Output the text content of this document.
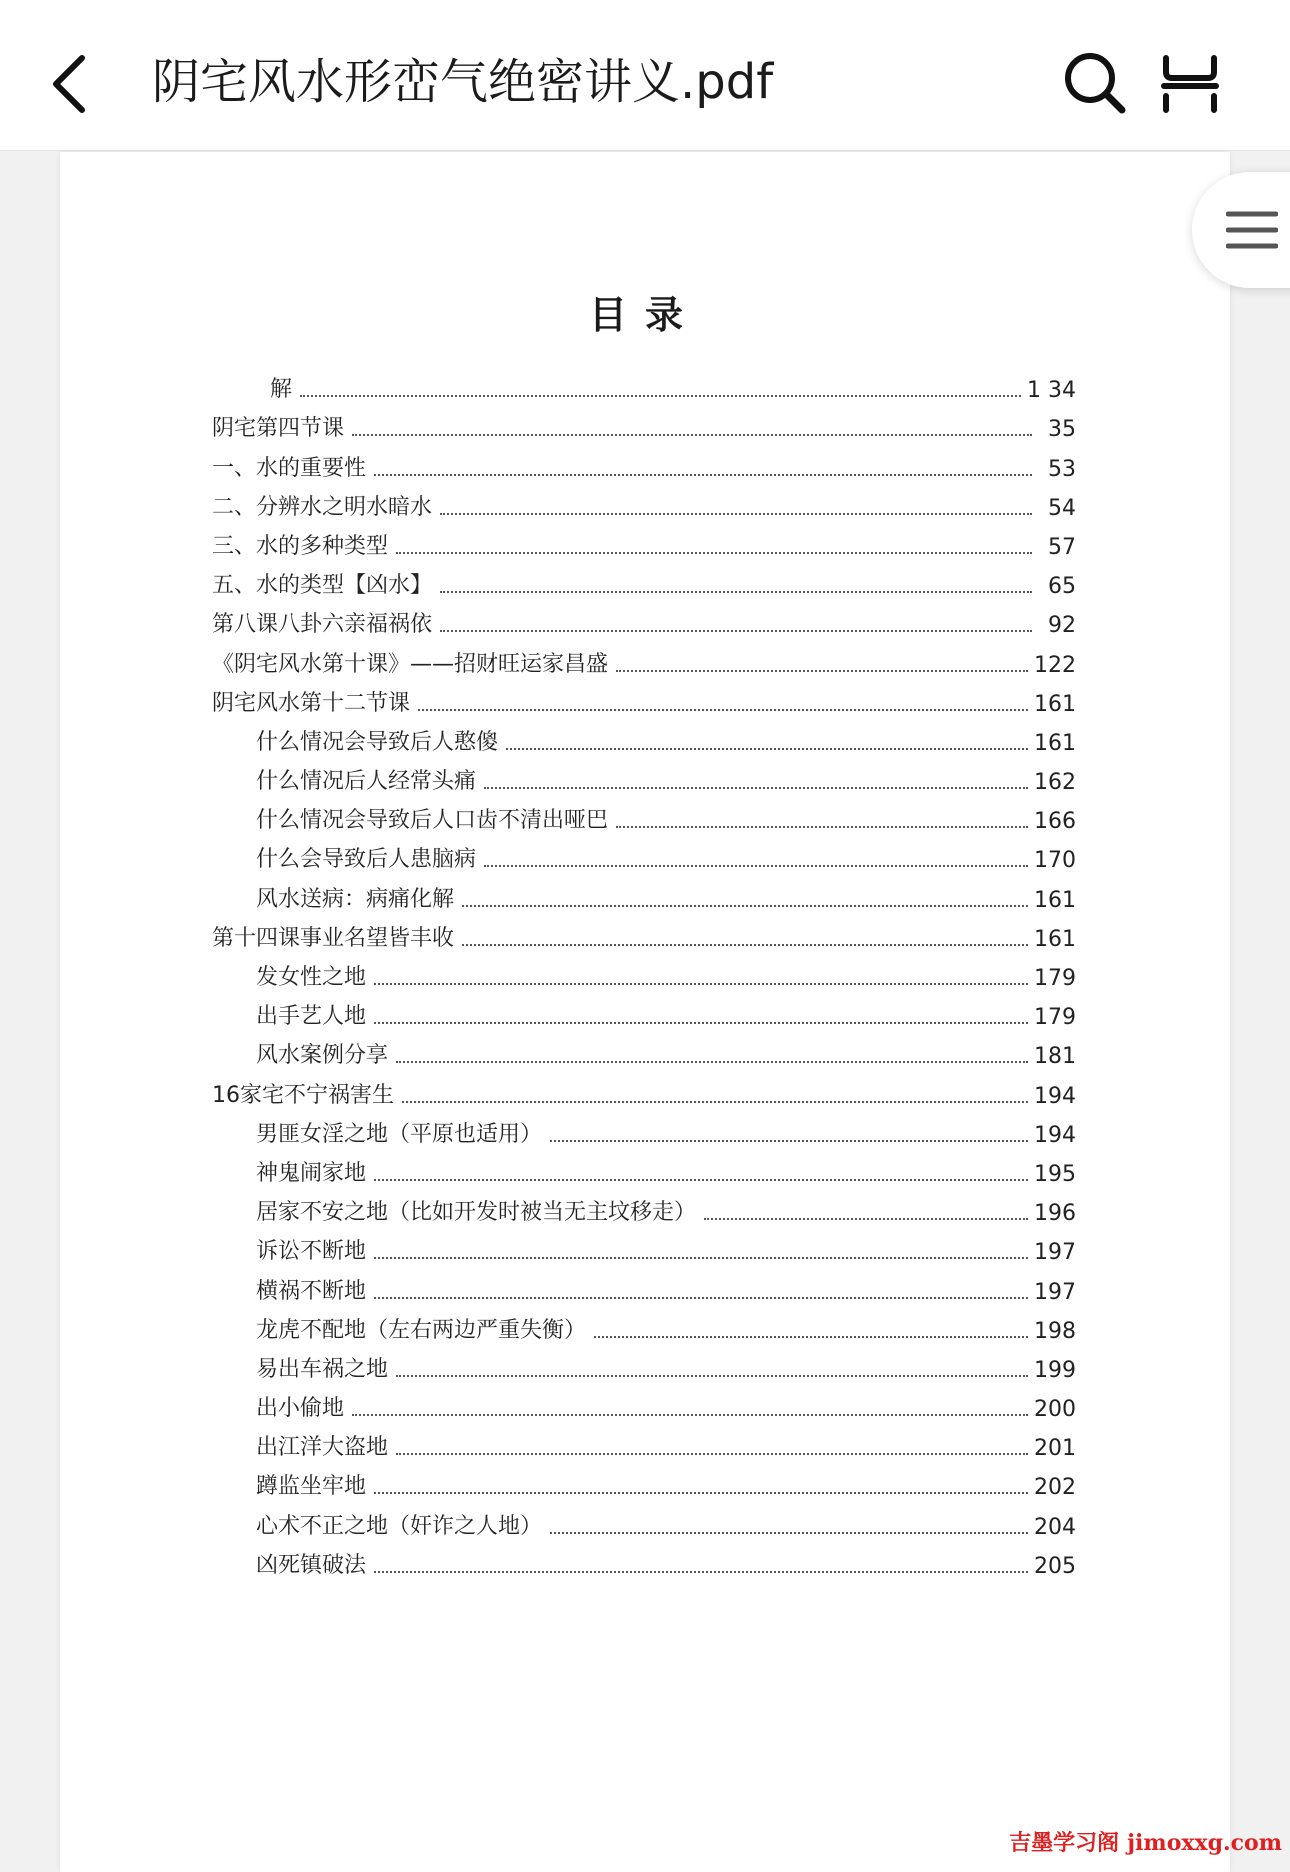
阴宅风水形峦气绝密讲义.pdf
目录
解	1 34
阴宅第四节课	35
一、水的重要性	53
二、分辨水之明水暗水	54
三、水的多种类型	57
五、水的类型【凶水】	65
第八课八卦六亲福祸依	92
《阴宅风水第十课》——招财旺运家昌盛	122
阴宅风水第十二节课	161
什么情况会导致后人憨傻	161
什么情况后人经常头痛	162
什么情况会导致后人口齿不清出哑巴	166
什么会导致后人患脑病	170
风水送病：病痛化解	161
第十四课事业名望皆丰收	161
发女性之地	179
出手艺人地	179
风水案例分享	181
16家宅不宁祸害生	194
男匪女淫之地（平原也适用）	194
神鬼闹家地	195
居家不安之地（比如开发时被当无主坟移走）	196
诉讼不断地	197
横祸不断地	197
龙虎不配地（左右两边严重失衡）	198
易出车祸之地	199
出小偷地	200
出江洋大盗地	201
蹲监坐牢地	202
心术不正之地（奸诈之人地）	204
凶死镇破法	205
吉墨学习阁 jimoxxg.com
